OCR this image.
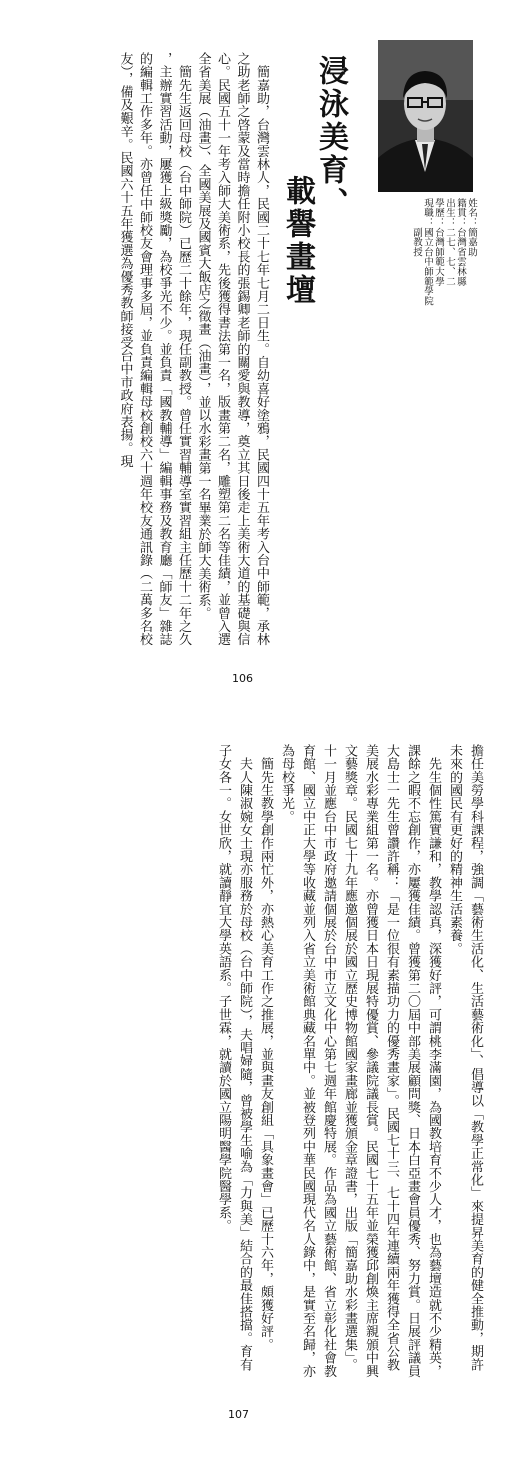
姓名：簡嘉助
籍貫：台灣省雲林縣
出生：二七、七、二
學歷：台灣師範大學
現職：國立台中師範學院
　　　副教授
浸泳美育、
載譽畫壇
　簡嘉助，台灣雲林人，民國二十七年七月二日生。自幼喜好塗鴉，民國四十五年考入台中師範，承林
之助老師之啓蒙及當時擔任附小校長的張錫卿老師的關愛與教導，奠立其日後走上美術大道的基礎與信
心。民國五十一年考入師大美術系，先後獲得書法第一名，版畫第二名，雕塑第二名等佳績，並曾入選
全省美展（油畫）、全國美展及國賓大飯店之徵畫（油畫），並以水彩畫第一名畢業於師大美術系。
　簡先生返回母校（台中師院）已歷二十餘年，現任副教授。曾任實習輔導室實習組主任歷十二年之久
，主辦實習活動，屢獲上級獎勵，為校爭光不少。並負責「國教輔導」編輯事務及教育廳「師友」雜誌
的編輯工作多年。亦曾任中師校友會理事多屆，並負責編輯母校創校六十週年校友通訊錄（二萬多名校
友），備及艱辛。民國六十五年獲選為優秀教師接受台中市政府表揚。現
106
擔任美勞學科課程，強調「藝術生活化、生活藝術化」、倡導以「教學正常化」來提昇美育的健全推動，期許
未來的國民有更好的精神生活素養。
　先生個性篤實謙和，教學認真，深獲好評，可謂桃李滿園，為國教培育不少人才，也為藝壇造就不少精英，
課餘之暇不忘創作，亦屢獲佳績。曾獲第二〇屆中部美展顧問獎、日本白亞畫會員優秀、努力賞。日展評議員
大島士一先生曾讚許稱：「是一位很有素描功力的優秀畫家」。民國七十三、七十四年連續兩年獲得全省公教
美展水彩專業組第一名。亦曾獲日本日現展特優賞、參議院議長賞。民國七十五年並榮獲邱創煥主席親頒中興
文藝獎章。民國七十九年應邀個展於國立歷史博物館國家畫廊並獲頒金章證書，出版「簡嘉助水彩畫選集」。
十一月並應台中市政府邀請個展於台中市立文化中心第七週年館慶特展。作品為國立藝術館、省立彰化社會教
育館、國立中正大學等收藏並列入省立美術館典藏名單中。並被登列中華民國現代名人錄中，是實至名歸，亦
為母校爭光。
　簡先生教學創作兩忙外，亦熱心美育工作之推展，並與畫友創組「具象畫會」已歷十六年，頗獲好評。
　夫人陳淑婉女士現亦服務於母校（台中師院），夫唱婦隨，曾被學生喻為「力與美」結合的最佳搭擋。育有
子女各一。女世欣，就讀靜宜大學英語系。子世霖，就讀於國立陽明醫學院醫學系。
107
